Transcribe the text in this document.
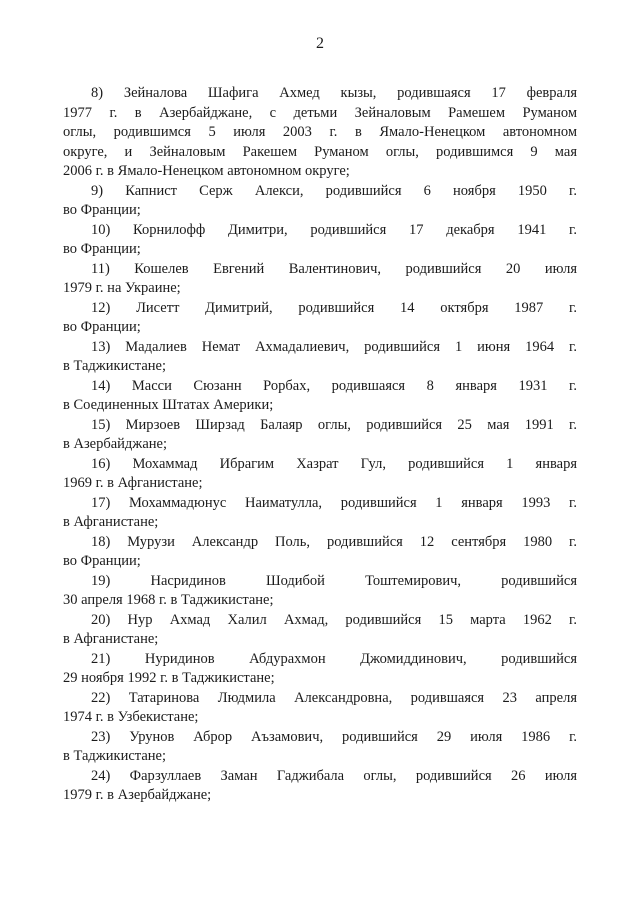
2
8) Зейналова Шафига Ахмед кызы, родившаяся 17 февраля
1977 г. в Азербайджане, с детьми Зейналовым Рамешем Руманом
оглы, родившимся 5 июля 2003 г. в Ямало-Ненецком автономном
округе, и Зейналовым Ракешем Руманом оглы, родившимся 9 мая
2006 г. в Ямало-Ненецком автономном округе;
9) Капнист Серж Алекси, родившийся 6 ноября 1950 г.
во Франции;
10) Корнилофф Димитри, родившийся 17 декабря 1941 г.
во Франции;
11) Кошелев Евгений Валентинович, родившийся 20 июля
1979 г. на Украине;
12) Лисетт Димитрий, родившийся 14 октября 1987 г.
во Франции;
13) Мадалиев Немат Ахмадалиевич, родившийся 1 июня 1964 г.
в Таджикистане;
14) Масси Сюзанн Рорбах, родившаяся 8 января 1931 г.
в Соединенных Штатах Америки;
15) Мирзоев Ширзад Балаяр оглы, родившийся 25 мая 1991 г.
в Азербайджане;
16) Мохаммад Ибрагим Хазрат Гул, родившийся 1 января
1969 г. в Афганистане;
17) Мохаммадюнус Наиматулла, родившийся 1 января 1993 г.
в Афганистане;
18) Мурузи Александр Поль, родившийся 12 сентября 1980 г.
во Франции;
19) Насридинов Шодибой Тоштемирович, родившийся
30 апреля 1968 г. в Таджикистане;
20) Нур Ахмад Халил Ахмад, родившийся 15 марта 1962 г.
в Афганистане;
21) Нуридинов Абдурахмон Джомиддинович, родившийся
29 ноября 1992 г. в Таджикистане;
22) Татаринова Людмила Александровна, родившаяся 23 апреля
1974 г. в Узбекистане;
23) Урунов Аброр Аъзамович, родившийся 29 июля 1986 г.
в Таджикистане;
24) Фарзуллаев Заман Гаджибала оглы, родившийся 26 июля
1979 г. в Азербайджане;
